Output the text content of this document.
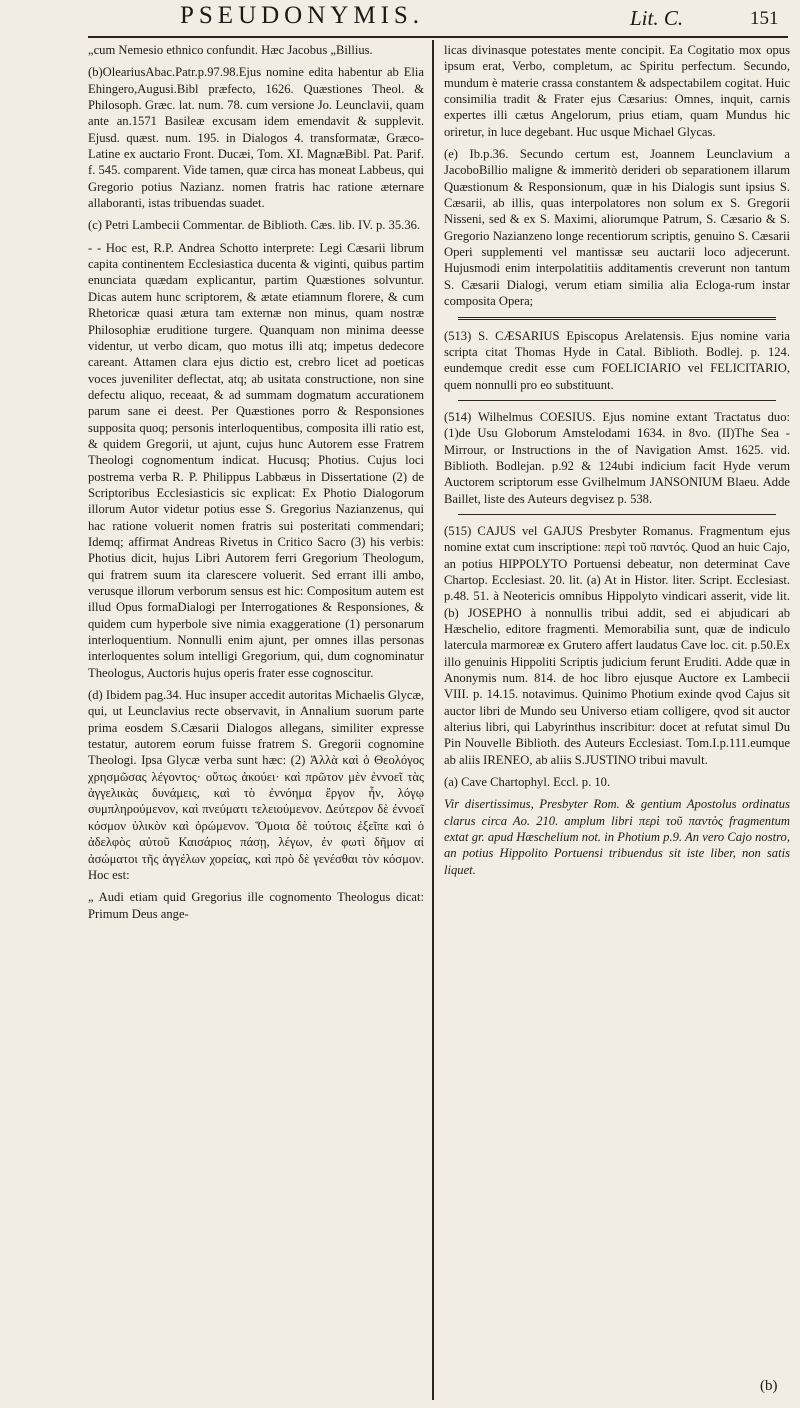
PSEUDONYMIS.	Lit. C.	151

„cum Nemesio ethnico confundit. Hæc Jacobus „Billius.

(b)OleariusAbac.Patr.p.97.98.Ejus nomine edita habentur ab Elia Ehingero,Augusi.Bibl præfecto, 1626. Quæstiones Theol. & Philosoph. Græc. lat. num. 78. cum versione Jo. Leunclavii, quam ante an.1571 Basileæ excusam idem emendavit & supplevit. Ejusd. quæst. num. 195. in Dialogos 4. transformatæ, Græco-Latine ex auctario Front. Ducæi, Tom. XI. MagnæBibl. Pat. Parif. f. 545. comparent. Vide tamen, quæ circa has moneat Labbeus, qui Gregorio potius Nazianz. nomen fratris hac ratione æternare allaboranti, istas tribuendas suadet.

(c) Petri Lambecii Commentar. de Biblioth. Cæs. lib. IV. p. 35.36.

- - Hoc est, R.P. Andrea Schotto interprete: Legi Cæsarii librum capita continentem Ecclesiastica ducenta & viginti, quibus partim enunciata quædam explicantur, partim Quæstiones solvuntur. Dicas autem hunc scriptorem, & ætate etiamnum florere, & cum Rhetoricæ quasi ætura tam externæ non minus, quam nostræ Philosophiæ eruditione turgere. Quanquam non minima deesse videntur, ut verbo dicam, quo motus illi atq; impetus dedecore careant. Attamen clara ejus dictio est, crebro licet ad poeticas voces juveniliter deflectat, atq; ab usitata constructione, non sine defectu aliquo, receaat, & ad summam dogmatum accurationem parum sane ei deest. Per Quæstiones porro & Responsiones supposita quoq; personis interloquentibus, composita illi ratio est, & quidem Gregorii, ut ajunt, cujus hunc Autorem esse Fratrem Theologi cognomentum indicat. Hucusq; Photius. Cujus loci postrema verba R. P. Philippus Labbæus in Dissertatione (2) de Scriptoribus Ecclesiasticis sic explicat: Ex Photio Dialogorum illorum Autor videtur potius esse S. Gregorius Nazianzenus, qui hac ratione voluerit nomen fratris sui posteritati commendari; Idemq; affirmat Andreas Rivetus in Critico Sacro (3) his verbis: Photius dicit, hujus Libri Autorem ferri Gregorium Theologum, qui fratrem suum ita clarescere voluerit. Sed errant illi ambo, verusque illorum verborum sensus est hic: Compositum autem est illud Opus formaDialogi per Interrogationes & Responsiones, & quidem cum hyperbole sive nimia exaggeratione (1) personarum interloquentium. Nonnulli enim ajunt, per omnes illas personas interloquentes solum intelligi Gregorium, qui, dum cognominatur Theologus, Auctoris hujus operis frater esse cognoscitur.

(d) Ibidem pag.34. Huc insuper accedit autoritas Michaelis Glycæ, qui, ut Leunclavius recte observavit, in Annalium suorum parte prima eosdem S.Cæsarii Dialogos allegans, similiter expresse testatur, autorem eorum fuisse fratrem S. Gregorii cognomine Theologi. Ipsa Glycæ verba sunt hæc: (2) Ἀλλὰ καὶ ὁ Θεολόγος χρησμῶσας λέγοντος· οὕτως ἀκούει· καὶ πρῶτον μὲν ἐννοεῖ τὰς ἀγγελικὰς δυνάμεις, καὶ τὸ ἐννόημα ἔργον ἦν, λόγῳ συμπληρούμενον, καὶ πνεύματι τελειούμενον. Δεύτερον δὲ ἐννοεῖ κόσμον ὑλικὸν καὶ ὁρώμενον. Ὅμοια δὲ τούτοις ἐξεῖπε καὶ ὁ ἀδελφὸς αὐτοῦ Καισάριος πάσῃ, λέγων, ἐν φωτὶ δῆμον αἱ ἀσώματοι τῆς ἀγγέλων χορείας, καὶ πρὸ δὲ γενέσθαι τὸν κόσμον. Hoc est:

„ Audi etiam quid Gregorius ille cognomento Theologus dicat: Primum Deus ange-

licas divinasque potestates mente concipit. Ea Cogitatio mox opus ipsum erat, Verbo, completum, ac Spiritu perfectum. Secundo, mundum è materie crassa constantem & adspectabilem cogitat. Huic consimilia tradit & Frater ejus Cæsarius: Omnes, inquit, carnis expertes illi cætus Angelorum, prius etiam, quam Mundus hic oriretur, in luce degebant. Huc usque Michael Glycas.

(e) Ib.p.36. Secundo certum est, Joannem Leunclavium a JacoboBillio maligne & immeritò derideri ob separationem illarum Quæstionum & Responsionum, quæ in his Dialogis sunt ipsius S. Cæsarii, ab illis, quas interpolatores non solum ex S. Gregorii Nisseni, sed & ex S. Maximi, aliorumque Patrum, S. Cæsario & S. Gregorio Nazianzeno longe recentiorum scriptis, genuino S. Cæsarii Operi supplementi vel mantissæ seu auctarii loco adjecerunt. Hujusmodi enim interpolatitiis additamentis creverunt non tantum S. Cæsarii Dialogi, verum etiam similia alia Ecloga-rum instar composita Opera;

(513) S. CÆSARIUS Episcopus Arelatensis. Ejus nomine varia scripta citat Thomas Hyde in Catal. Biblioth. Bodlej. p. 124. eundemque credit esse cum FOELICIARIO vel FELICITARIO, quem nonnulli pro eo substituunt.

(514) Wilhelmus COESIUS. Ejus nomine extant Tractatus duo: (1)de Usu Globorum Amstelodami 1634. in 8vo. (II)The Sea - Mirrour, or Instructions in the of Navigation Amst. 1625. vid. Biblioth. Bodlejan. p.92 & 124ubi indicium facit Hyde verum Auctorem scriptorum esse Gvilhelmum JANSONIUM Blaeu. Adde Baillet, liste des Auteurs degvisez p. 538.

(515) CAJUS vel GAJUS Presbyter Romanus. Fragmentum ejus nomine extat cum inscriptione: περὶ τοῦ παντός. Quod an huic Cajo, an potius HIPPOLYTO Portuensi debeatur, non determinat Cave Chartop. Ecclesiast. 20. lit. (a) At in Histor. liter. Script. Ecclesiast. p.48. 51. à Neotericis omnibus Hippolyto vindicari asserit, vide lit. (b) JOSEPHO à nonnullis tribui addit, sed ei abjudicari ab Hæschelio, editore fragmenti. Memorabilia sunt, quæ de indiculo latercula marmoreæ ex Grutero affert laudatus Cave loc. cit. p.50.Ex illo genuinis Hippoliti Scriptis judicium ferunt Eruditi. Adde quæ in Anonymis num. 814. de hoc libro ejusque Auctore ex Lambecii VIII. p. 14.15. notavimus. Quinimo Photium exinde qvod Cajus sit auctor libri de Mundo seu Universo etiam colligere, qvod sit auctor alterius libri, qui Labyrinthus inscribitur: docet at refutat simul Du Pin Nouvelle Biblioth. des Auteurs Ecclesiast. Tom.I.p.111.eumque ab aliis IRENEO, ab aliis S.JUSTINO tribui mavult.

(a) Cave Chartophyl. Eccl. p. 10.

Vir disertissimus, Presbyter Rom. & gentium Apostolus ordinatus clarus circa Ao. 210. amplum libri περὶ τοῦ παντὸς fragmentum extat gr. apud Hæschelium not. in Photium p.9. An vero Cajo nostro, an potius Hippolito Portuensi tribuendus sit iste liber, non satis liquet.

(b)
